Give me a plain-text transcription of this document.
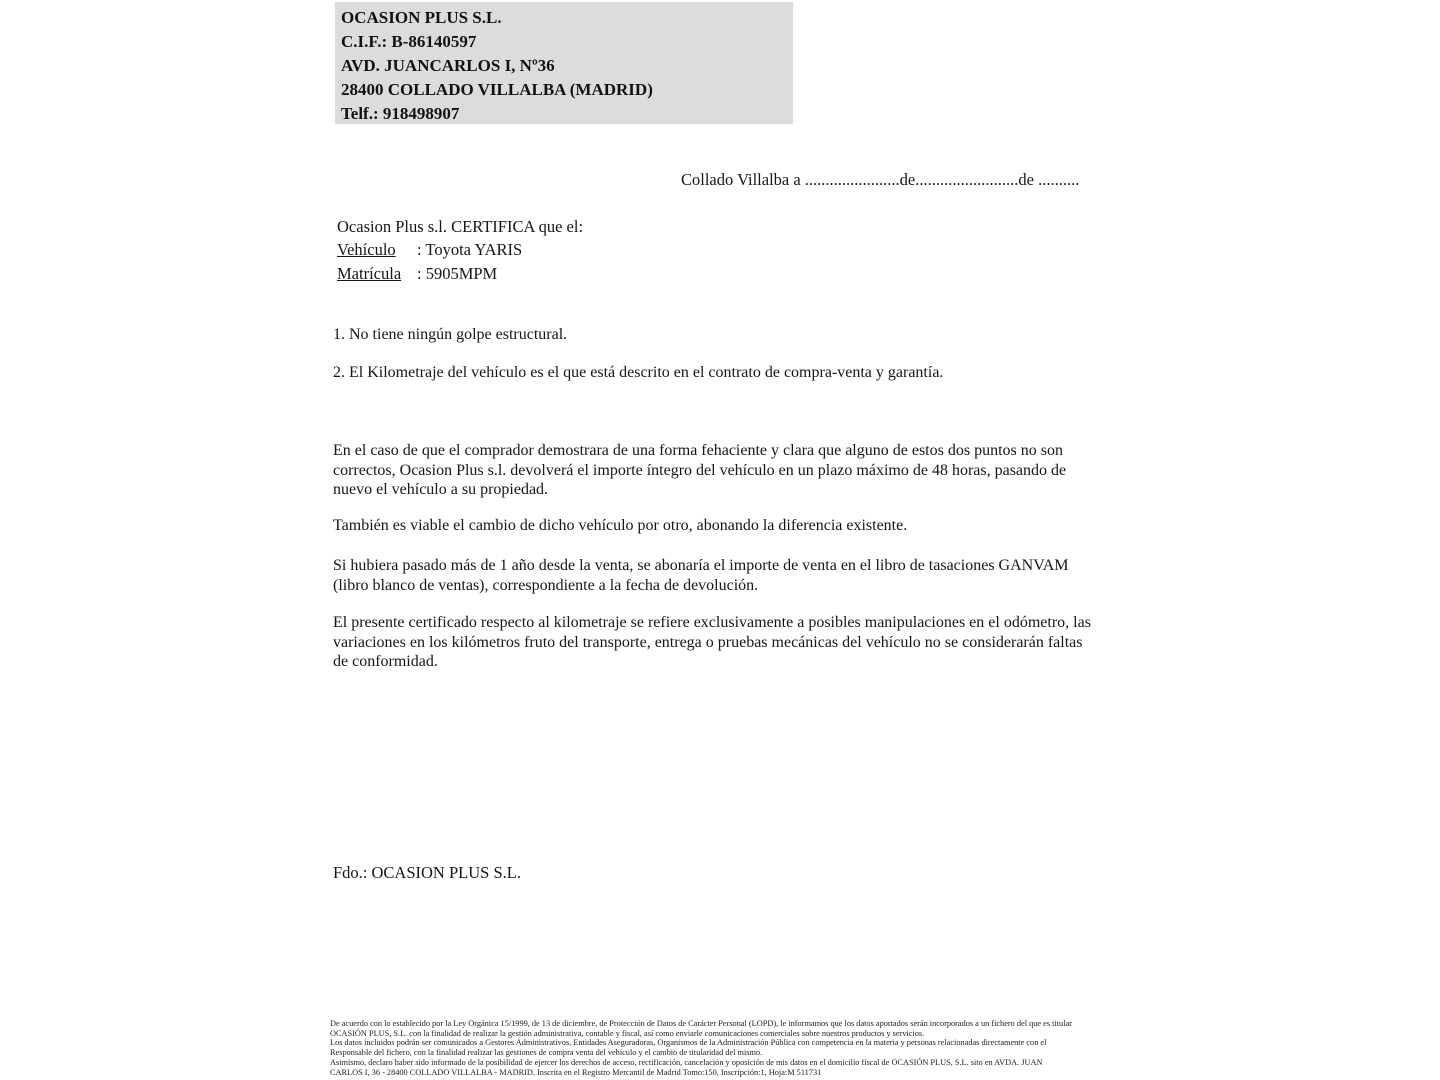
OCASION PLUS S.L.
C.I.F.: B-86140597
AVD. JUANCARLOS I, Nº36
28400 COLLADO VILLALBA (MADRID)
Telf.: 918498907
Collado Villalba a .......................de.........................de ..........
Ocasion Plus s.l. CERTIFICA que el:
Vehículo : Toyota YARIS
Matrícula : 5905MPM
1. No tiene ningún golpe estructural.
2. El Kilometraje del vehículo es el que está descrito en el contrato de compra-venta y garantía.
En el caso de que el comprador demostrara de una forma fehaciente y clara que alguno de estos dos puntos no son correctos, Ocasion Plus s.l. devolverá el importe íntegro del vehículo en un plazo máximo de 48 horas, pasando de nuevo el vehículo a su propiedad.
También es viable el cambio de dicho vehículo por otro, abonando la diferencia existente.
Si hubiera pasado más de 1 año desde la venta, se abonaría el importe de venta en el libro de tasaciones GANVAM (libro blanco de ventas), correspondiente a la fecha de devolución.
El presente certificado respecto al kilometraje se refiere exclusivamente a posibles manipulaciones en el odómetro, las variaciones en los kilómetros fruto del transporte, entrega o pruebas mecánicas del vehículo no se considerarán faltas de conformidad.
Fdo.: OCASION PLUS S.L.
De acuerdo con lo establecido por la Ley Orgánica 15/1999, de 13 de diciembre, de Protección de Datos de Carácter Personal (LOPD), le informamos que los datos aportados serán incorporados a un fichero del que es titular
OCASIÓN PLUS, S.L. con la finalidad de realizar la gestión administrativa, contable y fiscal, así como enviarle comunicaciones comerciales sobre nuestros productos y servicios.
Los datos incluidos podrán ser comunicados a Gestores Administrativos, Entidades Aseguradoras, Organismos de la Administración Pública con competencia en la materia y personas relacionadas directamente con el
Responsable del fichero, con la finalidad realizar las gestiones de compra venta del vehículo y el cambio de titularidad del mismo.
Asimismo, declaro haber sido informado de la posibilidad de ejercer los derechos de acceso, rectificación, cancelación y oposición de mis datos en el domicilio fiscal de OCASIÓN PLUS, S.L. sito en AVDA. JUAN
CARLOS I, 36 - 28400 COLLADO VILLALBA - MADRID. Inscrita en el Registro Mercantil de Madrid Tomo:150, Inscripción:1, Hoja:M 511731
